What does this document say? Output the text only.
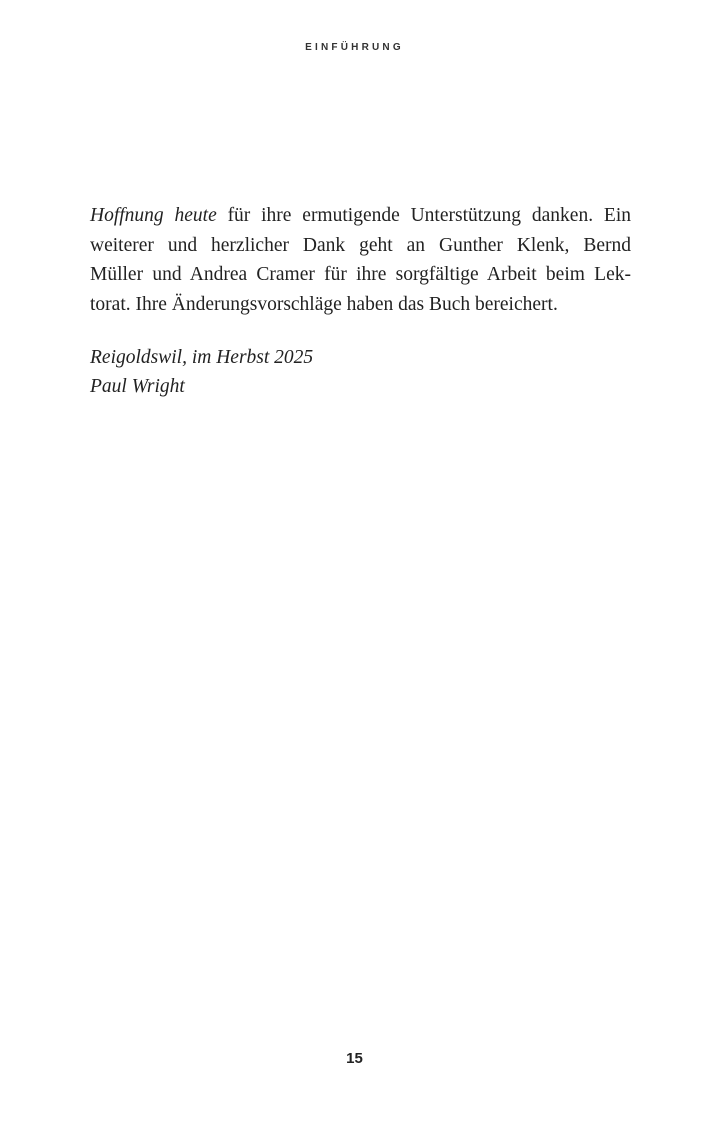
EINFÜHRUNG
Hoffnung heute für ihre ermutigende Unterstützung danken. Ein
weiterer und herzlicher Dank geht an Gunther Klenk, Bernd
Müller und Andrea Cramer für ihre sorgfältige Arbeit beim Lek-
torat. Ihre Änderungsvorschläge haben das Buch bereichert.
Reigoldswil, im Herbst 2025
Paul Wright
15
